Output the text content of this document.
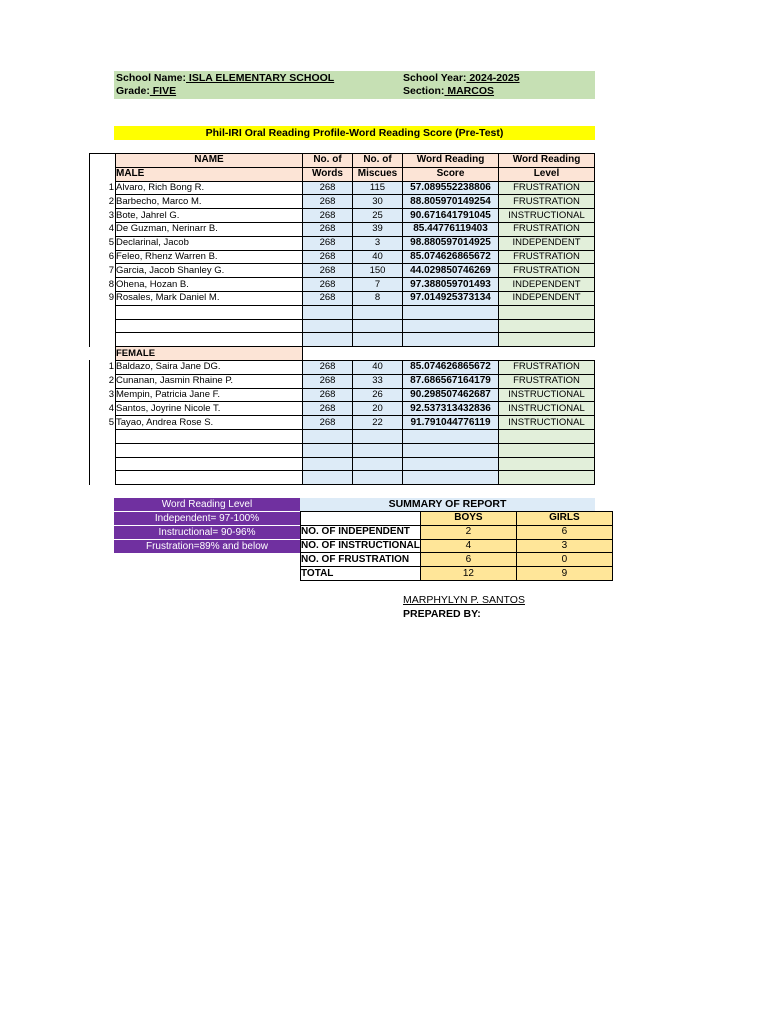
School Name: ISLA ELEMENTARY SCHOOL	School Year: 2024-2025
Grade: FIVE	Section: MARCOS
Phil-IRI Oral Reading Profile-Word Reading Score (Pre-Test)
	NAME	No. of	No. of	Word Reading	Word Reading
	MALE	Words	Miscues	Score	Level
1	Alvaro, Rich Bong R.	268	115	57.089552238806	FRUSTRATION
2	Barbecho, Marco M.	268	30	88.805970149254	FRUSTRATION
3	Bote, Jahrel G.	268	25	90.671641791045	INSTRUCTIONAL
4	De Guzman, Nerinarr B.	268	39	85.44776119403	FRUSTRATION
5	Declarinal, Jacob	268	3	98.880597014925	INDEPENDENT
6	Feleo, Rhenz Warren B.	268	40	85.074626865672	FRUSTRATION
7	Garcia, Jacob Shanley G.	268	150	44.029850746269	FRUSTRATION
8	Ohena, Hozan B.	268	7	97.388059701493	INDEPENDENT
9	Rosales, Mark Daniel M.	268	8	97.014925373134	INDEPENDENT

	FEMALE				
1	Baldazo, Saira Jane DG.	268	40	85.074626865672	FRUSTRATION
2	Cunanan, Jasmin Rhaine P.	268	33	87.686567164179	FRUSTRATION
3	Mempin, Patricia Jane F.	268	26	90.298507462687	INSTRUCTIONAL
4	Santos, Joyrine Nicole T.	268	20	92.537313432836	INSTRUCTIONAL
5	Tayao, Andrea Rose S.	268	22	91.791044776119	INSTRUCTIONAL

Word Reading Level
Independent= 97-100%
Instructional= 90-96%
Frustration=89% and below
SUMMARY OF REPORT
	BOYS	GIRLS
NO. OF INDEPENDENT	2	6
NO. OF INSTRUCTIONAL	4	3
NO. OF FRUSTRATION	6	0
TOTAL	12	9
MARPHYLYN P. SANTOS
PREPARED BY:
